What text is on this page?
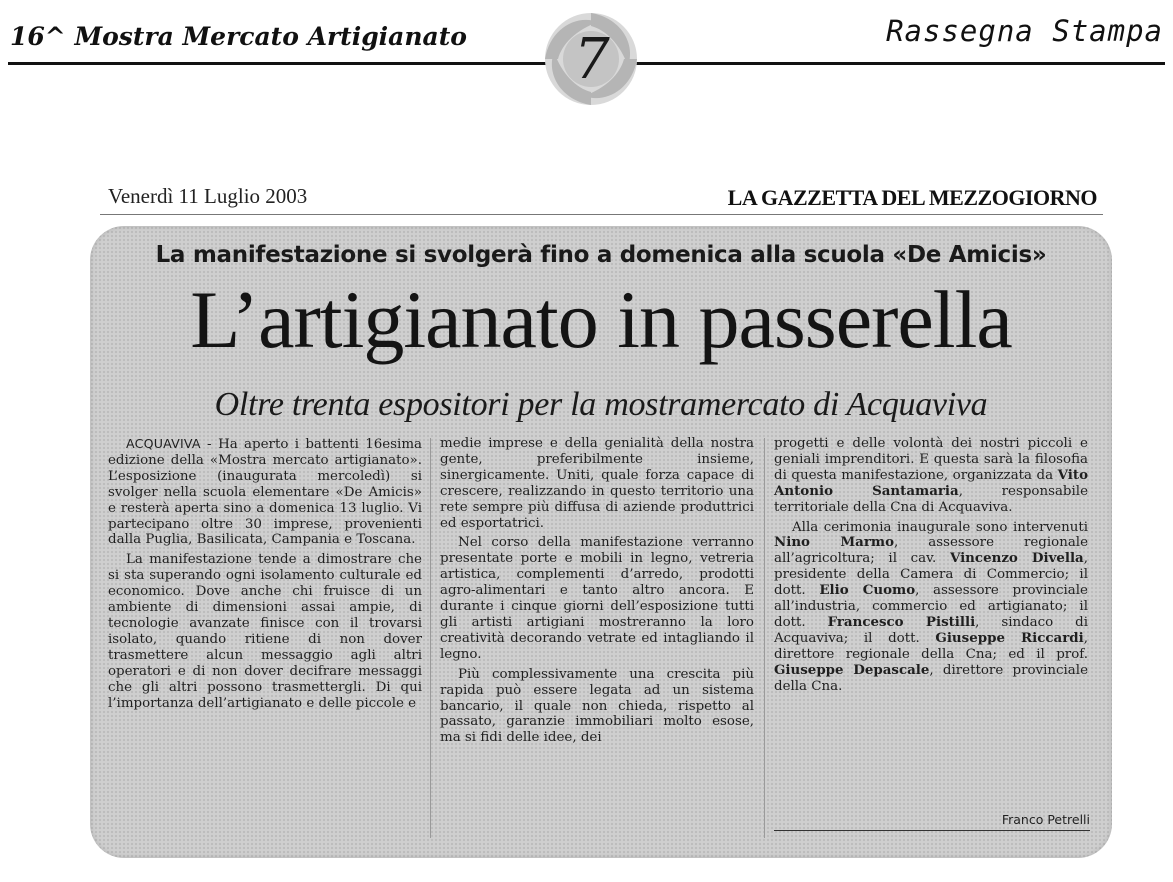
16^ Mostra Mercato Artigianato	Rassegna Stampa
7
Venerdì 11 Luglio 2003	LA GAZZETTA DEL MEZZOGIORNO
La manifestazione si svolgerà fino a domenica alla scuola «De Amicis»
L’artigianato in passerella
Oltre trenta espositori per la mostramercato di Acquaviva

ACQUAVIVA - Ha aperto i battenti 16esima edizione della «Mostra mercato artigianato». L’esposizione (inaugurata mercoledì) si svolger nella scuola elementare «De Amicis» e resterà aperta sino a domenica 13 luglio. Vi partecipano oltre 30 imprese, provenienti dalla Puglia, Basilicata, Campania e Toscana.

La manifestazione tende a dimostrare che si sta superando ogni isolamento culturale ed economico. Dove anche chi fruisce di un ambiente di dimensioni assai ampie, di tecnologie avanzate finisce con il trovarsi isolato, quando ritiene di non dover trasmettere alcun messaggio agli altri operatori e di non dover decifrare messaggi che gli altri possono trasmettergli. Di qui l’importanza dell’artigianato e delle piccole e

medie imprese e della genialità della nostra gente, preferibilmente insieme, sinergicamente. Uniti, quale forza capace di crescere, realizzando in questo territorio una rete sempre più diffusa di aziende produttrici ed esportatrici.

Nel corso della manifestazione verranno presentate porte e mobili in legno, vetreria artistica, complementi d’arredo, prodotti agro-alimentari e tanto altro ancora. E durante i cinque giorni dell’esposizione tutti gli artisti artigiani mostreranno la loro creatività decorando vetrate ed intagliando il legno.

Più complessivamente una crescita più rapida può essere legata ad un sistema bancario, il quale non chieda, rispetto al passato, garanzie immobiliari molto esose, ma si fidi delle idee, dei

progetti e delle volontà dei nostri piccoli e geniali imprenditori. E questa sarà la filosofia di questa manifestazione, organizzata da Vito Antonio Santamaria, responsabile territoriale della Cna di Acquaviva.

Alla cerimonia inaugurale sono intervenuti Nino Marmo, assessore regionale all’agricoltura; il cav. Vincenzo Divella, presidente della Camera di Commercio; il dott. Elio Cuomo, assessore provinciale all’industria, commercio ed artigianato; il dott. Francesco Pistilli, sindaco di Acquaviva; il dott. Giuseppe Riccardi, direttore regionale della Cna; ed il prof. Giuseppe Depascale, direttore provinciale della Cna.

Franco Petrelli
